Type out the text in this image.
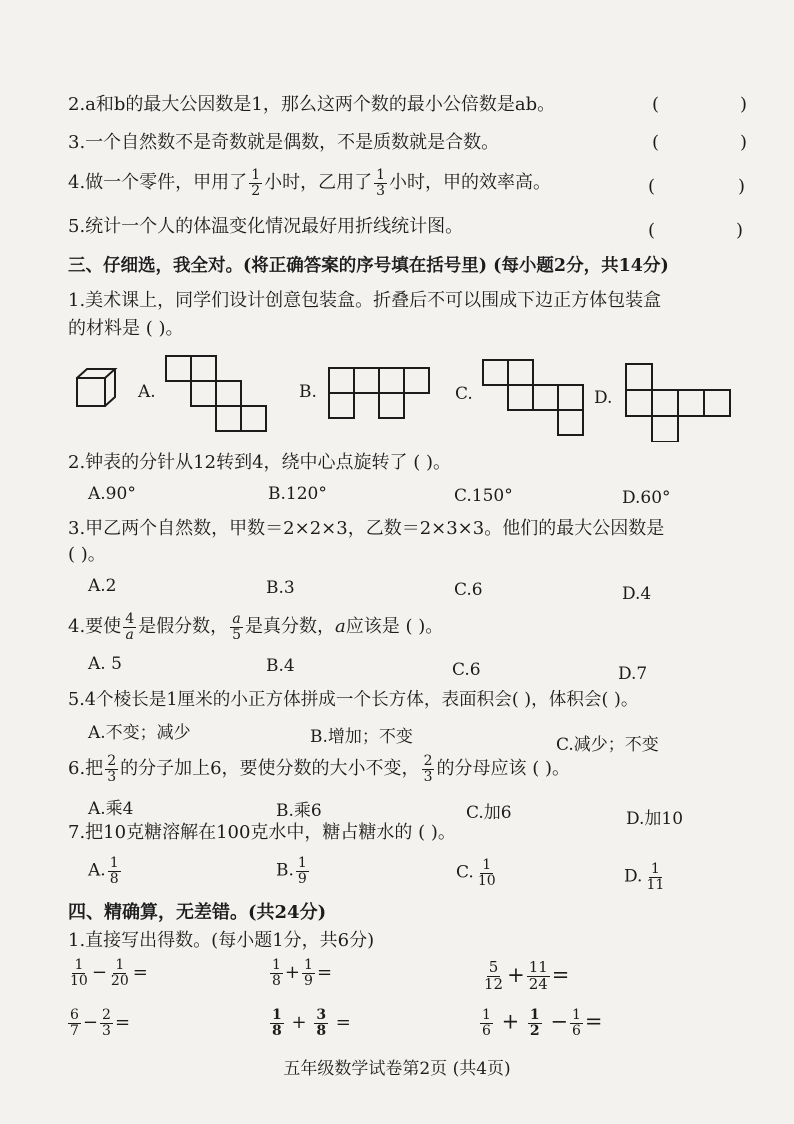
2.a和b的最大公因数是1，那么这两个数的最小公倍数是ab。	(	)
3.一个自然数不是奇数就是偶数，不是质数就是合数。	(	)
4.做一个零件，甲用了 $\frac{1}{2}$ 小时，乙用了 $\frac{1}{3}$ 小时，甲的效率高。	(	)
5.统计一个人的体温变化情况最好用折线统计图。	(	)
三、仔细选，我全对。(将正确答案的序号填在括号里) (每小题2分，共14分)
1.美术课上，同学们设计创意包装盒。折叠后不可以围成下边正方体包装盒
的材料是 ( )。
A.	B.	C.	D.
2.钟表的分针从12转到4，绕中心点旋转了 ( )。
A.90°	B.120°	C.150°	D.60°
3.甲乙两个自然数，甲数＝2×2×3，乙数＝2×3×3。他们的最大公因数是
( )。
A.2	B.3	C.6	D.4
4.要使 $\frac{4}{a}$ 是假分数， $\frac{a}{5}$ 是真分数，a应该是 ( )。
A. 5	B.4	C.6	D.7
5.4个棱长是1厘米的小正方体拼成一个长方体，表面积会( )，体积会( )。
A.不变；减少	B.增加；不变	C.减少；不变
6.把 $\frac{2}{3}$ 的分子加上6，要使分数的大小不变， $\frac{2}{3}$ 的分母应该 ( )。
A.乘4	B.乘6	C.加6	D.加10
7.把10克糖溶解在100克水中，糖占糖水的 ( )。
A. $\frac{1}{8}$	B. $\frac{1}{9}$	C. $\frac{1}{10}$	D. $\frac{1}{11}$
四、精确算，无差错。(共24分)
1.直接写出得数。(每小题1分，共6分)
$\frac{1}{10} - \frac{1}{20}$ =	$\frac{1}{8} + \frac{1}{9}$ =	$\frac{5}{12} + \frac{11}{24}$ =
$\frac{6}{7} - \frac{2}{3}$ =	$\frac{1}{8} + \frac{3}{8}$ =	$\frac{1}{6} + \frac{1}{2} - \frac{1}{6}$ =
五年级数学试卷第2页 (共4页)
